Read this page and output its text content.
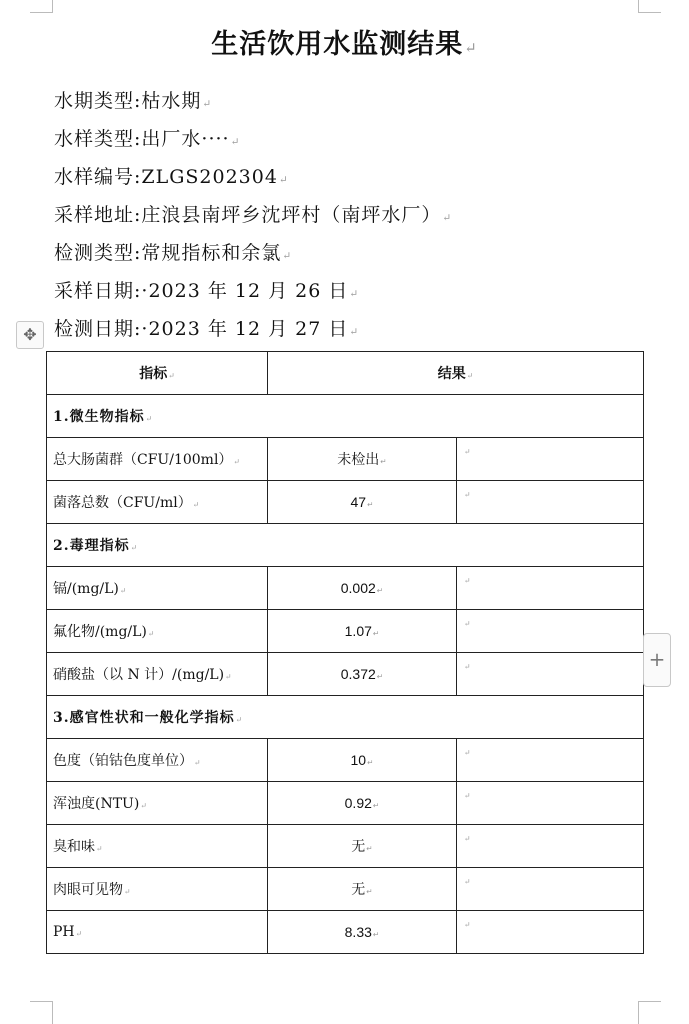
生活饮用水监测结果↵
水期类型:枯水期↵
水样类型:出厂水····↵
水样编号:ZLGS202304↵
采样地址:庄浪县南坪乡沈坪村（南坪水厂）↵
检测类型:常规指标和余氯↵
采样日期:·2023 年 12 月 26 日↵
检测日期:·2023 年 12 月 27 日↵
✥
指标↵	结果↵	
1.微生物指标↵		
总大肠菌群（CFU/100ml）↵	未检出↵	↵
菌落总数（CFU/ml）↵	47↵	↵
2.毒理指标↵		
镉/(mg/L)↵	0.002↵	↵
氟化物/(mg/L)↵	1.07↵	↵
硝酸盐（以 N 计）/(mg/L)↵	0.372↵	↵
3.感官性状和一般化学指标↵		
色度（铂钴色度单位）↵	10↵	↵
浑浊度(NTU)↵	0.92↵	↵
臭和味↵	无↵	↵
肉眼可见物↵	无↵	↵
PH↵	8.33↵	↵
+
